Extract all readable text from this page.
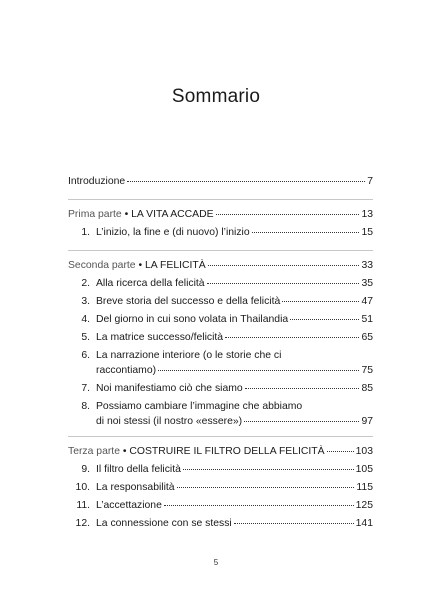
Sommario
Introduzione	7
Prima parte • LA VITA ACCADE	13
1. L’inizio, la fine e (di nuovo) l’inizio	15
Seconda parte • LA FELICITÀ	33
2. Alla ricerca della felicità	35
3. Breve storia del successo e della felicità	47
4. Del giorno in cui sono volata in Thailandia	51
5. La matrice successo/felicità	65
6. La narrazione interiore (o le storie che ci
raccontiamo)	75
7. Noi manifestiamo ciò che siamo	85
8. Possiamo cambiare l’immagine che abbiamo
di noi stessi (il nostro «essere»)	97
Terza parte • COSTRUIRE IL FILTRO DELLA FELICITÀ	103
9. Il filtro della felicità	105
10. La responsabilità	115
11. L’accettazione	125
12. La connessione con se stessi	141
5
